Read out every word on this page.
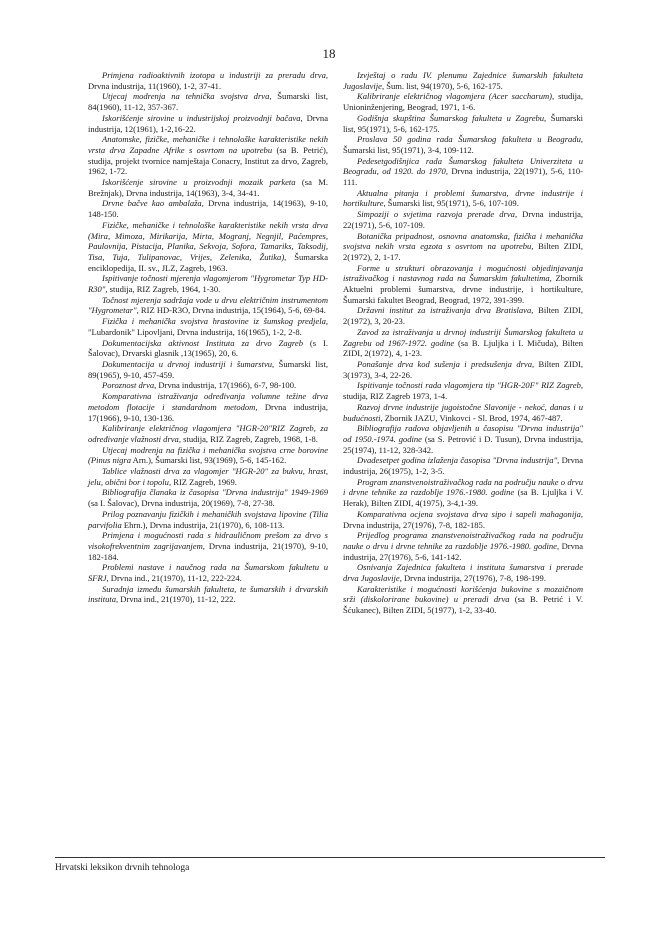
18

Primjena radioaktivnih izotopa u industriji za preradu drva, Drvna industrija, 11(1960), 1-2, 37-41.

Utjecaj modrenja na tehnička svojstva drva, Šumarski list, 84(1960), 11-12, 357-367.

Iskorišćenje sirovine u industrijskoj proizvodnji bačava, Drvna industrija, 12(1961), 1-2,16-22.

Anatomske, fizičke, mehaničke i tehnološke karakteristike nekih vrsta drva Zapadne Afrike s osvrtom na upotrebu (sa B. Petrić), studija, projekt tvornice namještaja Conacry, Institut za drvo, Zagreb, 1962, 1-72.

Iskorišćenje sirovine u proizvodnji mozaik parketa (sa M. Brežnjak), Drvna industrija, 14(1963), 3-4, 34-41.

Drvne bačve kao ambalaža, Drvna industrija, 14(1963), 9-10, 148-150.

Fizičke, mehaničke i tehnološke karakteristike nekih vrsta drva (Mira, Mimoza, Mirikarija, Mirta, Mogranj, Negnjil, Paćempres, Paulovnija, Pistacija, Planika, Sekvoja, Sofora, Tamariks, Taksodij, Tisa, Tuja, Tulipanovac, Vrijes, Zelenika, Žutika), Šumarska enciklopedija, II. sv., JLZ, Zagreb, 1963.

Ispitivanje točnosti mjerenja vlagomjerom "Hygrometar Typ HD-R30", studija, RIZ Zagreb, 1964, 1-30.

Točnost mjerenja sadržaja vode u drvu električnim instrumentom "Hygrometar", RIZ HD-R3O, Drvna industrija, 15(1964), 5-6, 69-84.

Fizička i mehanička svojstva hrastovine iz šumskog predjela, "Lubardonik" Lipovljani, Drvna industrija, 16(1965), 1-2, 2-8.

Dokumentacijska aktivnost Instituta za drvo Zagreb (s I. Šalovac), Drvarski glasnik ,13(1965), 20, 6.

Dokumentacija u drvnoj industriji i šumarstvu, Šumarski list, 89(1965), 9-10, 457-459.

Poroznost drva, Drvna industrija, 17(1966), 6-7, 98-100.

Komparativna istraživanja određivanja volumne težine drva metodom flotacije i standardnom metodom, Drvna industrija, 17(1966), 9-10, 130-136.

Kalibriranje električnog vlagomjera "HGR-20"RIZ Zagreb, za određivanje vlažnosti drva, studija, RIZ Zagreb, Zagreb, 1968, 1-8.

Utjecaj modrenja na fizička i mehanička svojstva crne borovine (Pinus nigra Arn.), Šumarski list, 93(1969), 5-6, 145-162.

Tablice vlažnosti drva za vlagomjer "HGR-20" za bukvu, hrast, jelu, obični bor i topolu, RIZ Zagreb, 1969.

Bibliografija članaka iz časopisa "Drvna industrija" 1949-1969 (sa I. Šalovac), Drvna industrija, 20(1969), 7-8, 27-38.

Prilog poznavanju fizičkih i mehaničkih svojstava lipovine (Tilia parvifolia Ehrn.), Drvna industrija, 21(1970), 6, 108-113.

Primjena i mogućnosti rada s hidrauličnom prešom za drvo s visokofrekventnim zagrijavanjem, Drvna industrija, 21(1970), 9-10, 182-184.

Problemi nastave i naučnog rada na Šumarskom fakultetu u SFRJ, Drvna ind., 21(1970), 11-12, 222-224.

Suradnja između šumarskih fakulteta, te šumarskih i drvarskih instituta, Drvna ind., 21(1970), 11-12, 222.

Izvještaj o radu IV. plenumu Zajednice šumarskih fakulteta Jugoslavije, Šum. list, 94(1970), 5-6, 162-175.

Kalibriranje električnog vlagomjera (Acer saccharum), studija, Unioninženjering, Beograd, 1971, 1-6.

Godišnja skupština Šumarskog fakulteta u Zagrebu, Šumarski list, 95(1971), 5-6, 162-175.

Proslava 50 godina rada Šumarskog fakulteta u Beogradu, Šumarski list, 95(1971), 3-4, 109-112.

Pedesetgodišnjica rada Šumarskog fakulteta Univerziteta u Beogradu, od 1920. do 1970, Drvna industrija, 22(1971), 5-6, 110-111.

Aktualna pitanja i problemi šumarstva, drvne industrije i hortikulture, Šumarski list, 95(1971), 5-6, 107-109.

Simpoziji o svjetima razvoja prerade drva, Drvna industrija, 22(1971), 5-6, 107-109.

Botanička pripadnost, osnovna anatomska, fizička i mehanička svojstva nekih vrsta egzota s osvrtom na upotrebu, Bilten ZIDI, 2(1972), 2, 1-17.

Forme u strukturi obrazovanja i mogućnosti objedinjavanja istraživačkog i nastavnog rada na Šumarskim fakultetima, Zbornik Aktuelni problemi šumarstva, drvne industrije, i hortikulture, Šumarski fakultet Beograd, Beograd, 1972, 391-399.

Državni institut za istraživanja drva Bratislava, Bilten ZIDI, 2(1972), 3, 20-23.

Zavod za istraživanja u drvnoj industriji Šumarskog fakulteta u Zagrebu od 1967-1972. godine (sa B. Ljuljka i I. Mičuda), Bilten ZIDI, 2(1972), 4, 1-23.

Ponašanje drva kod sušenja i predsušenja drva, Bilten ZIDI, 3(1973), 3-4, 22-26.

Ispitivanje točnosti rada vlagomjera tip "HGR-20F" RIZ Zagreb, studija, RIZ Zagreb 1973, 1-4.

Razvoj drvne industrije jugoistočne Slavonije - nekoć, danas i u budućnosti, Zbornik JAZU, Vinkovci - Sl. Brod, 1974, 467-487.

Bibliografija radova objavljenih u časopisu "Drvna industrija" od 1950.-1974. godine (sa S. Petrović i D. Tusun), Drvna industrija, 25(1974), 11-12, 328-342.

Dvadesetpet godina izlaženja časopisa "Drvna industrija", Drvna industrija, 26(1975), 1-2, 3-5.

Program znanstvenoistraživačkog rada na području nauke o drvu i drvne tehnike za razdoblje 1976.-1980. godine (sa B. Ljuljka i V. Herak), Bilten ZIDI, 4(1975), 3-4,1-39.

Komparativna ocjena svojstava drva sipo i sapeli mahagonija, Drvna industrija, 27(1976), 7-8, 182-185.

Prijedlog programa znanstvenoistraživačkog rada na području nauke o drvu i drvne tehnike za razdoblje 1976.-1980. godine, Drvna industrija, 27(1976), 5-6, 141-142.

Osnivanja Zajednica fakulteta i instituta šumarstva i prerade drva Jugoslavije, Drvna industrija, 27(1976), 7-8, 198-199.

Karakteristike i mogućnosti korišćenja bukovine s mozaičnom srži (diskolorirane bukovine) u preradi drva (sa B. Petrić i V. Šćukanec), Bilten ZIDI, 5(1977), 1-2, 33-40.

Hrvatski leksikon drvnih tehnologa
